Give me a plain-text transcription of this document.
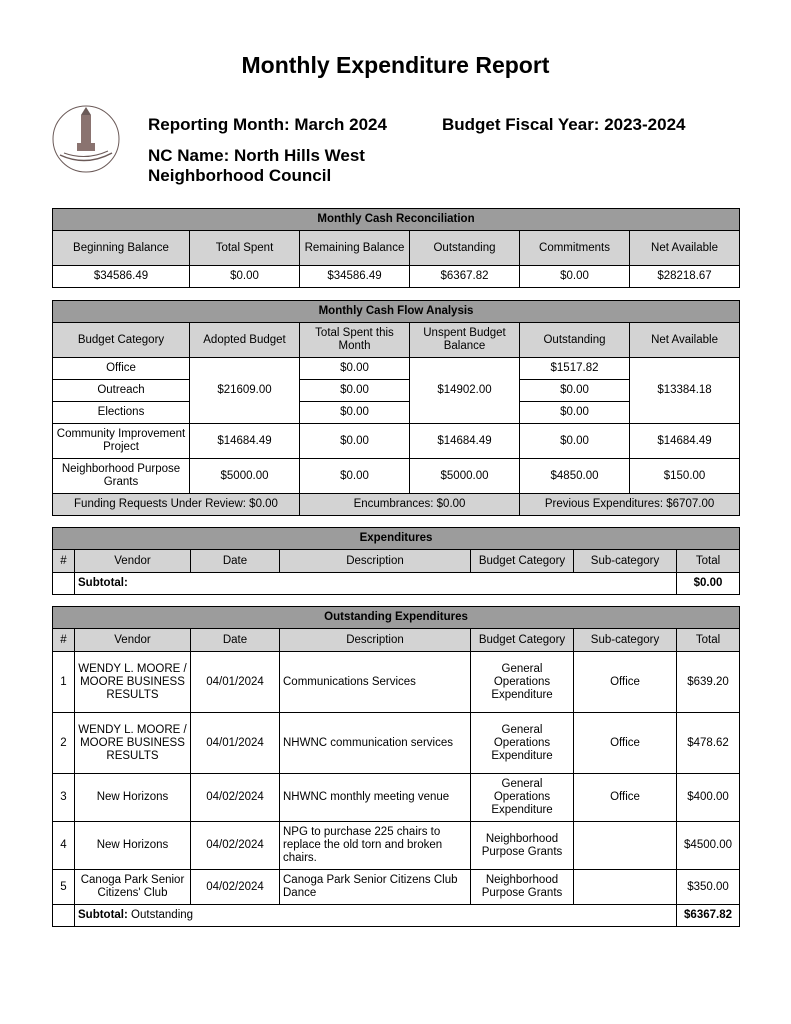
Monthly Expenditure Report
Reporting Month: March 2024	Budget Fiscal Year: 2023-2024
NC Name: North Hills West Neighborhood Council
Monthly Cash Reconciliation					
Beginning Balance	Total Spent	Remaining Balance	Outstanding	Commitments	Net Available
$34586.49	$0.00	$34586.49	$6367.82	$0.00	$28218.67
Monthly Cash Flow Analysis					
Budget Category	Adopted Budget	Total Spent this Month	Unspent Budget Balance	Outstanding	Net Available
Office	$21609.00	$0.00	$14902.00	$1517.82	$13384.18
Outreach		$0.00		$0.00	
Elections		$0.00		$0.00	
Community Improvement Project	$14684.49	$0.00	$14684.49	$0.00	$14684.49
Neighborhood Purpose Grants	$5000.00	$0.00	$5000.00	$4850.00	$150.00
Funding Requests Under Review: $0.00		Encumbrances: $0.00		Previous Expenditures: $6707.00	
Expenditures						
#	Vendor	Date	Description	Budget Category	Sub-category	Total
	Subtotal:					$0.00
Outstanding Expenditures						
#	Vendor	Date	Description	Budget Category	Sub-category	Total
1	WENDY L. MOORE / MOORE BUSINESS RESULTS	04/01/2024	Communications Services	General Operations Expenditure	Office	$639.20
2	WENDY L. MOORE / MOORE BUSINESS RESULTS	04/01/2024	NHWNC communication services	General Operations Expenditure	Office	$478.62
3	New Horizons	04/02/2024	NHWNC monthly meeting venue	General Operations Expenditure	Office	$400.00
4	New Horizons	04/02/2024	NPG to purchase 225 chairs to replace the old torn and broken chairs.	Neighborhood Purpose Grants		$4500.00
5	Canoga Park Senior Citizens' Club	04/02/2024	Canoga Park Senior Citizens Club Dance	Neighborhood Purpose Grants		$350.00
	Subtotal: Outstanding					$6367.82
